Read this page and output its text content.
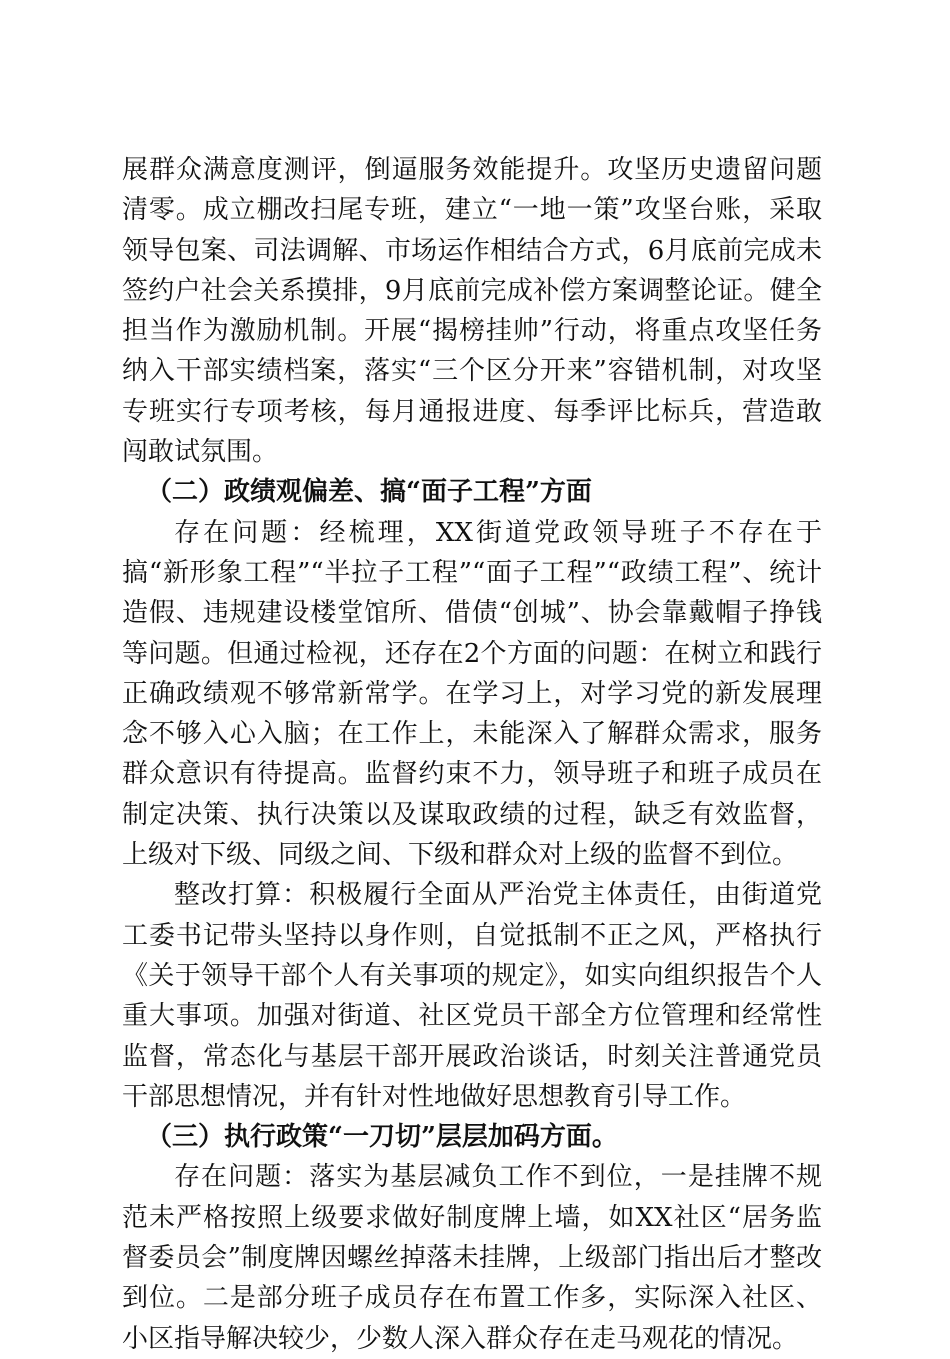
展群众满意度测评，倒逼服务效能提升。攻坚历史遗留问题清零。成立棚改扫尾专班，建立“一地一策”攻坚台账，采取领导包案、司法调解、市场运作相结合方式，6月底前完成未签约户社会关系摸排，9月底前完成补偿方案调整论证。健全担当作为激励机制。开展“揭榜挂帅”行动，将重点攻坚任务纳入干部实绩档案，落实“三个区分开来”容错机制，对攻坚专班实行专项考核，每月通报进度、每季评比标兵，营造敢闯敢试氛围。

（二）政绩观偏差、搞“面子工程”方面

存在问题：经梳理，XX街道党政领导班子不存在于搞“新形象工程”“半拉子工程”“面子工程”“政绩工程”、统计造假、违规建设楼堂馆所、借债“创城”、协会靠戴帽子挣钱等问题。但通过检视，还存在2个方面的问题：在树立和践行正确政绩观不够常新常学。在学习上，对学习党的新发展理念不够入心入脑；在工作上，未能深入了解群众需求，服务群众意识有待提高。监督约束不力，领导班子和班子成员在制定决策、执行决策以及谋取政绩的过程，缺乏有效监督，上级对下级、同级之间、下级和群众对上级的监督不到位。

整改打算：积极履行全面从严治党主体责任，由街道党工委书记带头坚持以身作则，自觉抵制不正之风，严格执行《关于领导干部个人有关事项的规定》，如实向组织报告个人重大事项。加强对街道、社区党员干部全方位管理和经常性监督，常态化与基层干部开展政治谈话，时刻关注普通党员干部思想情况，并有针对性地做好思想教育引导工作。

（三）执行政策“一刀切”层层加码方面。

存在问题：落实为基层减负工作不到位，一是挂牌不规范未严格按照上级要求做好制度牌上墙，如XX社区“居务监督委员会”制度牌因螺丝掉落未挂牌，上级部门指出后才整改到位。二是部分班子成员存在布置工作多，实际深入社区、小区指导解决较少，少数人深入群众存在走马观花的情况。
